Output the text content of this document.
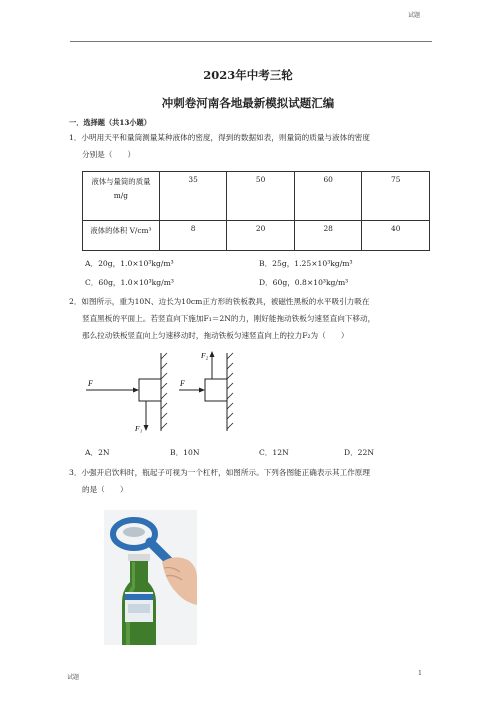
试题
2023年中考三轮
冲刺卷河南各地最新模拟试题汇编
一．选择题（共13小题）
1．小明用天平和量筒测量某种液体的密度，得到的数据如表，则量筒的质量与液体的密度
分别是（　　）
液体与量筒的质量 m/g	35	50	60	75
液体的体积 V/cm³	8	20	28	40
A．20g，1.0×10³kg/m³	B．25g，1.25×10³kg/m³
C．60g，1.0×10³kg/m³	D．60g，0.8×10³kg/m³
2．如图所示，重为10N、边长为10cm正方形的铁板教具，被磁性黑板的水平吸引力吸在
竖直黑板的平面上。若竖直向下施加F₁＝2N的力，刚好能拖动铁板匀速竖直向下移动，
那么拉动铁板竖直向上匀速移动时，拖动铁板匀速竖直向上的拉力F₂为（　　）
F
F₁
F
F₂
A．2N	B．10N	C．12N	D．22N
3．小强开启饮料时，瓶起子可视为一个杠杆，如图所示。下列各图能正确表示其工作原理
的是（　　）
试题
1
